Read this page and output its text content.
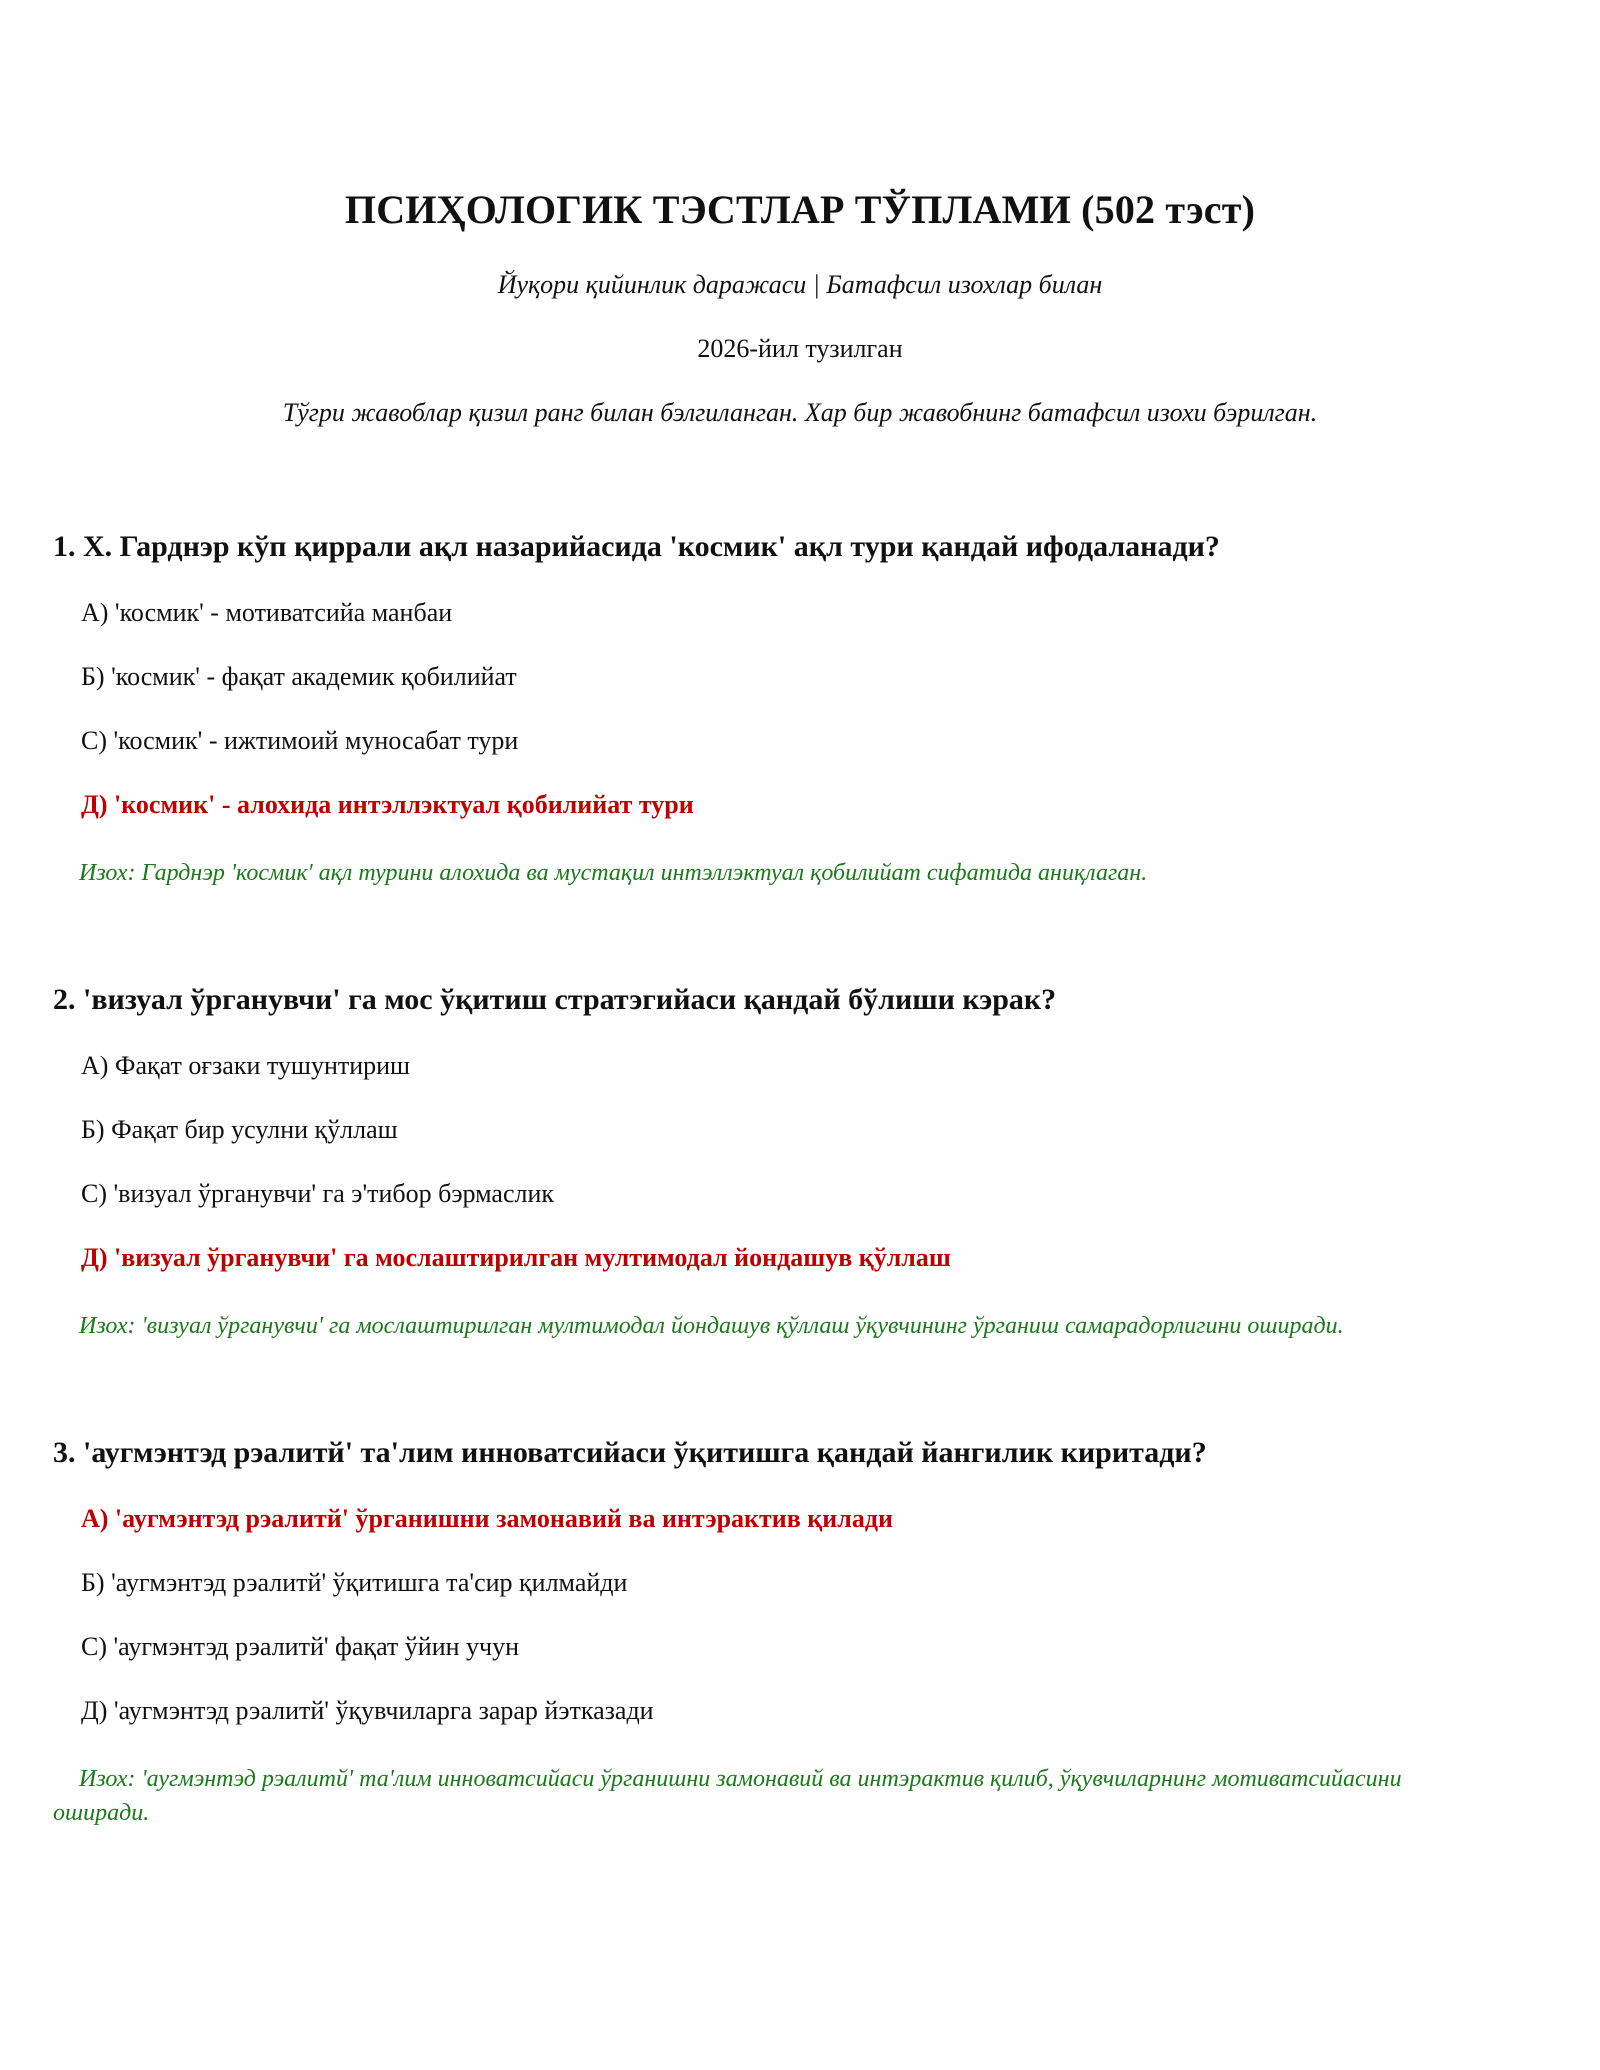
ПСИҲОЛОГИК ТЭСТЛАР ТЎПЛАМИ (502 тэст)

Йуқори қийинлик даражаси | Батафсил изохлар билан

2026-йил тузилган

Тўгри жавоблар қизил ранг билан бэлгиланган. Хар бир жавобнинг батафсил изохи бэрилган.

1. Х. Гарднэр кўп қиррали ақл назарийасида 'космик' ақл тури қандай ифодаланади?

А) 'космик' - мотиватсийа манбаи

Б) 'космик' - фақат академик қобилийат

С) 'космик' - ижтимоий муносабат тури

Д) 'космик' - алохида интэллэктуал қобилийат тури

Изох: Гарднэр 'космик' ақл турини алохида ва мустақил интэллэктуал қобилийат сифатида аниқлаган.

2. 'визуал ўрганувчи' га мос ўқитиш стратэгийаси қандай бўлиши кэрак?

А) Фақат оғзаки тушунтириш

Б) Фақат бир усулни қўллаш

С) 'визуал ўрганувчи' га э'тибор бэрмаслик

Д) 'визуал ўрганувчи' га мослаштирилган мултимодал йондашув қўллаш

Изох: 'визуал ўрганувчи' га мослаштирилган мултимодал йондашув қўллаш ўқувчининг ўрганиш самарадорлигини оширади.

3. 'аугмэнтэд рэалитй' та'лим инноватсийаси ўқитишга қандай йангилик киритади?

А) 'аугмэнтэд рэалитй' ўрганишни замонавий ва интэрактив қилади

Б) 'аугмэнтэд рэалитй' ўқитишга та'сир қилмайди

С) 'аугмэнтэд рэалитй' фақат ўйин учун

Д) 'аугмэнтэд рэалитй' ўқувчиларга зарар йэтказади

Изох: 'аугмэнтэд рэалитй' та'лим инноватсийаси ўрганишни замонавий ва интэрактив қилиб, ўқувчиларнинг мотиватсийасини

оширади.
